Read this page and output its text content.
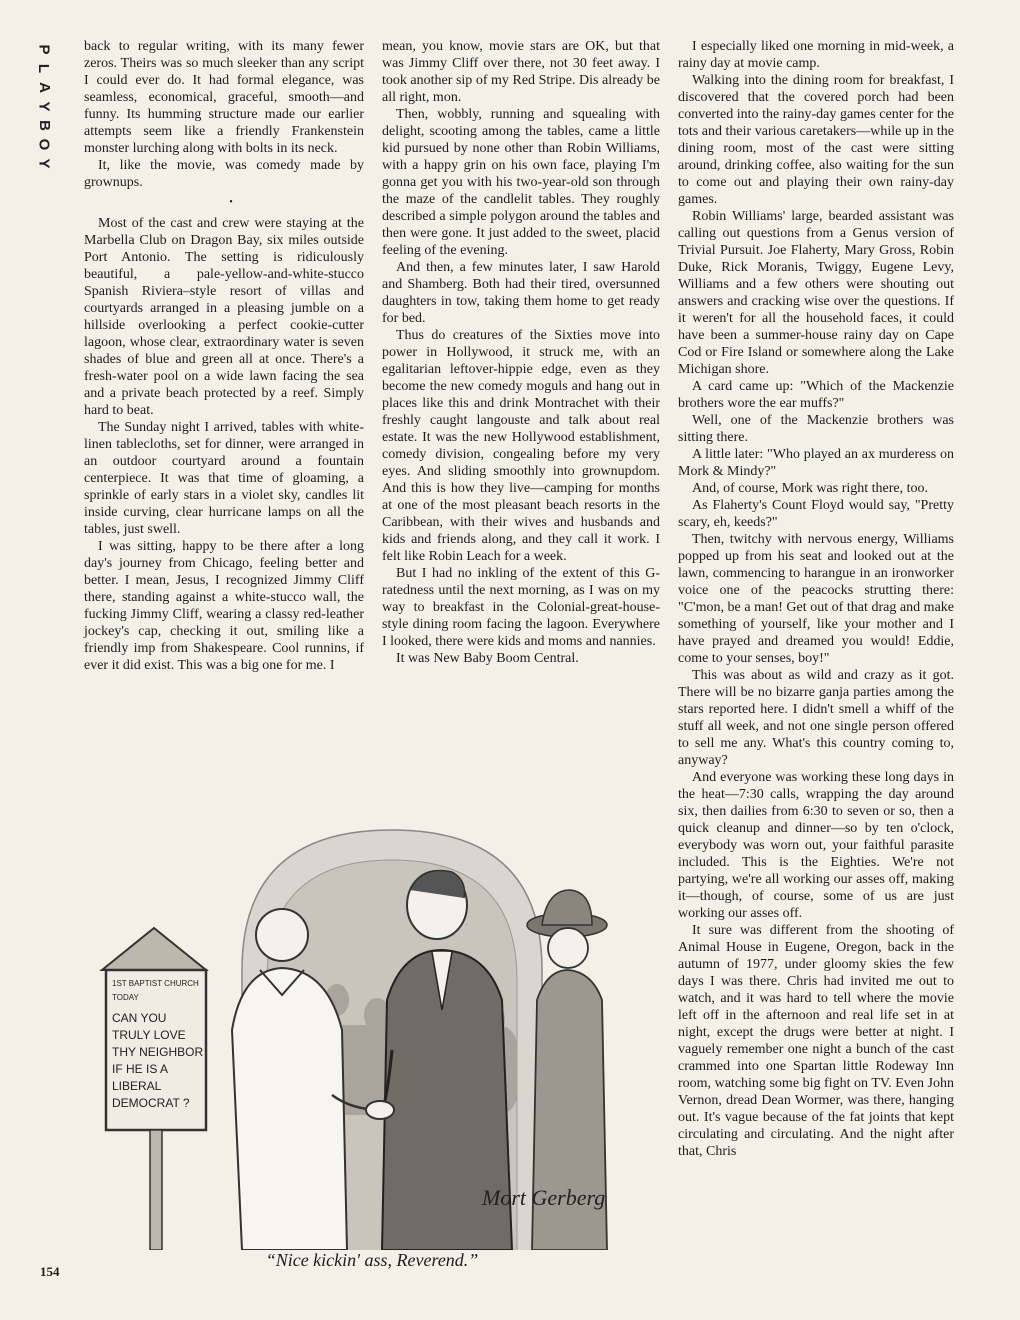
P
L
A
Y
B
O
Y

back to regular writing, with its many fewer zeros. Theirs was so much sleeker than any script I could ever do. It had formal elegance, was seamless, economical, graceful, smooth—and funny. Its humming structure made our earlier attempts seem like a friendly Frankenstein monster lurching along with bolts in its neck.

It, like the movie, was comedy made by grownups.

•

Most of the cast and crew were staying at the Marbella Club on Dragon Bay, six miles outside Port Antonio. The setting is ridiculously beautiful, a pale-yellow-and-white-stucco Spanish Riviera–style resort of villas and courtyards arranged in a pleasing jumble on a hillside overlooking a perfect cookie-cutter lagoon, whose clear, extraordinary water is seven shades of blue and green all at once. There's a fresh-water pool on a wide lawn facing the sea and a private beach protected by a reef. Simply hard to beat.

The Sunday night I arrived, tables with white-linen tablecloths, set for dinner, were arranged in an outdoor courtyard around a fountain centerpiece. It was that time of gloaming, a sprinkle of early stars in a violet sky, candles lit inside curving, clear hurricane lamps on all the tables, just swell.

I was sitting, happy to be there after a long day's journey from Chicago, feeling better and better. I mean, Jesus, I recognized Jimmy Cliff there, standing against a white-stucco wall, the fucking Jimmy Cliff, wearing a classy red-leather jockey's cap, checking it out, smiling like a friendly imp from Shakespeare. Cool runnins, if ever it did exist. This was a big one for me. I

mean, you know, movie stars are OK, but that was Jimmy Cliff over there, not 30 feet away. I took another sip of my Red Stripe. Dis already be all right, mon.

Then, wobbly, running and squealing with delight, scooting among the tables, came a little kid pursued by none other than Robin Williams, with a happy grin on his own face, playing I'm gonna get you with his two-year-old son through the maze of the candlelit tables. They roughly described a simple polygon around the tables and then were gone. It just added to the sweet, placid feeling of the evening.

And then, a few minutes later, I saw Harold and Shamberg. Both had their tired, oversunned daughters in tow, taking them home to get ready for bed.

Thus do creatures of the Sixties move into power in Hollywood, it struck me, with an egalitarian leftover-hippie edge, even as they become the new comedy moguls and hang out in places like this and drink Montrachet with their freshly caught langouste and talk about real estate. It was the new Hollywood establishment, comedy division, congealing before my very eyes. And sliding smoothly into grownupdom. And this is how they live—camping for months at one of the most pleasant beach resorts in the Caribbean, with their wives and husbands and kids and friends along, and they call it work. I felt like Robin Leach for a week.

But I had no inkling of the extent of this G-ratedness until the next morning, as I was on my way to breakfast in the Colonial-great-house-style dining room facing the lagoon. Everywhere I looked, there were kids and moms and nannies.

It was New Baby Boom Central.

I especially liked one morning in mid-week, a rainy day at movie camp.

Walking into the dining room for breakfast, I discovered that the covered porch had been converted into the rainy-day games center for the tots and their various caretakers—while up in the dining room, most of the cast were sitting around, drinking coffee, also waiting for the sun to come out and playing their own rainy-day games.

Robin Williams' large, bearded assistant was calling out questions from a Genus version of Trivial Pursuit. Joe Flaherty, Mary Gross, Robin Duke, Rick Moranis, Twiggy, Eugene Levy, Williams and a few others were shouting out answers and cracking wise over the questions. If it weren't for all the household faces, it could have been a summer-house rainy day on Cape Cod or Fire Island or somewhere along the Lake Michigan shore.

A card came up: "Which of the Mackenzie brothers wore the ear muffs?"

Well, one of the Mackenzie brothers was sitting there.

A little later: "Who played an ax murderess on Mork & Mindy?"

And, of course, Mork was right there, too.

As Flaherty's Count Floyd would say, "Pretty scary, eh, keeds?"

Then, twitchy with nervous energy, Williams popped up from his seat and looked out at the lawn, commencing to harangue in an ironworker voice one of the peacocks strutting there: "C'mon, be a man! Get out of that drag and make something of yourself, like your mother and I have prayed and dreamed you would! Eddie, come to your senses, boy!"

This was about as wild and crazy as it got. There will be no bizarre ganja parties among the stars reported here. I didn't smell a whiff of the stuff all week, and not one single person offered to sell me any. What's this country coming to, anyway?

And everyone was working these long days in the heat—7:30 calls, wrapping the day around six, then dailies from 6:30 to seven or so, then a quick cleanup and dinner—so by ten o'clock, everybody was worn out, your faithful parasite included. This is the Eighties. We're not partying, we're all working our asses off, making it—though, of course, some of us are just working our asses off.

It sure was different from the shooting of Animal House in Eugene, Oregon, back in the autumn of 1977, under gloomy skies the few days I was there. Chris had invited me out to watch, and it was hard to tell where the movie left off in the afternoon and real life set in at night, except the drugs were better at night. I vaguely remember one night a bunch of the cast crammed into one Spartan little Rodeway Inn room, watching some big fight on TV. Even John Vernon, dread Dean Wormer, was there, hanging out. It's vague because of the fat joints that kept circulating and circulating. And the night after that, Chris

1ST BAPTIST CHURCH
TODAY
CAN YOU
TRULY LOVE
THY NEIGHBOR
IF HE IS A
LIBERAL
DEMOCRAT ?
Mort Gerberg
“Nice kickin' ass, Reverend.”
154
